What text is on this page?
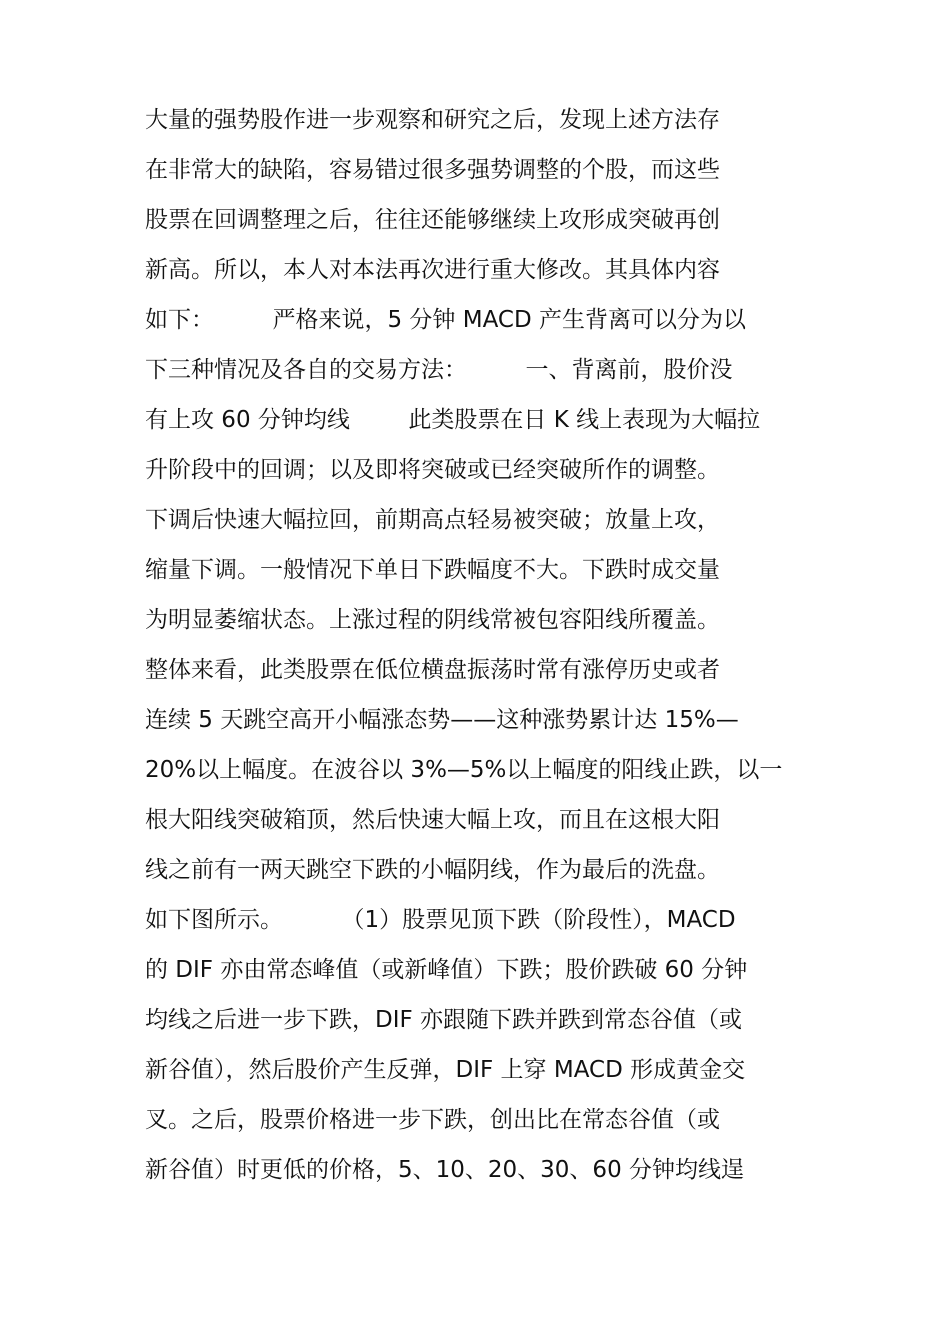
大量的强势股作进一步观察和研究之后，发现上述方法存
在非常大的缺陷，容易错过很多强势调整的个股，而这些
股票在回调整理之后，往往还能够继续上攻形成突破再创
新高。所以，本人对本法再次进行重大修改。其具体内容
如下：        严格来说，5 分钟 MACD 产生背离可以分为以
下三种情况及各自的交易方法：        一、背离前，股价没
有上攻 60 分钟均线        此类股票在日 K 线上表现为大幅拉
升阶段中的回调；以及即将突破或已经突破所作的调整。
下调后快速大幅拉回，前期高点轻易被突破；放量上攻，
缩量下调。一般情况下单日下跌幅度不大。下跌时成交量
为明显萎缩状态。上涨过程的阴线常被包容阳线所覆盖。
整体来看，此类股票在低位横盘振荡时常有涨停历史或者
连续 5 天跳空高开小幅涨态势——这种涨势累计达 15%—
20%以上幅度。在波谷以 3%—5%以上幅度的阳线止跌，以一
根大阳线突破箱顶，然后快速大幅上攻，而且在这根大阳
线之前有一两天跳空下跌的小幅阴线，作为最后的洗盘。
如下图所示。        （1）股票见顶下跌（阶段性），MACD
的 DIF 亦由常态峰值（或新峰值）下跌；股价跌破 60 分钟
均线之后进一步下跌，DIF 亦跟随下跌并跌到常态谷值（或
新谷值），然后股价产生反弹，DIF 上穿 MACD 形成黄金交
叉。之后，股票价格进一步下跌，创出比在常态谷值（或
新谷值）时更低的价格，5、10、20、30、60 分钟均线逞
